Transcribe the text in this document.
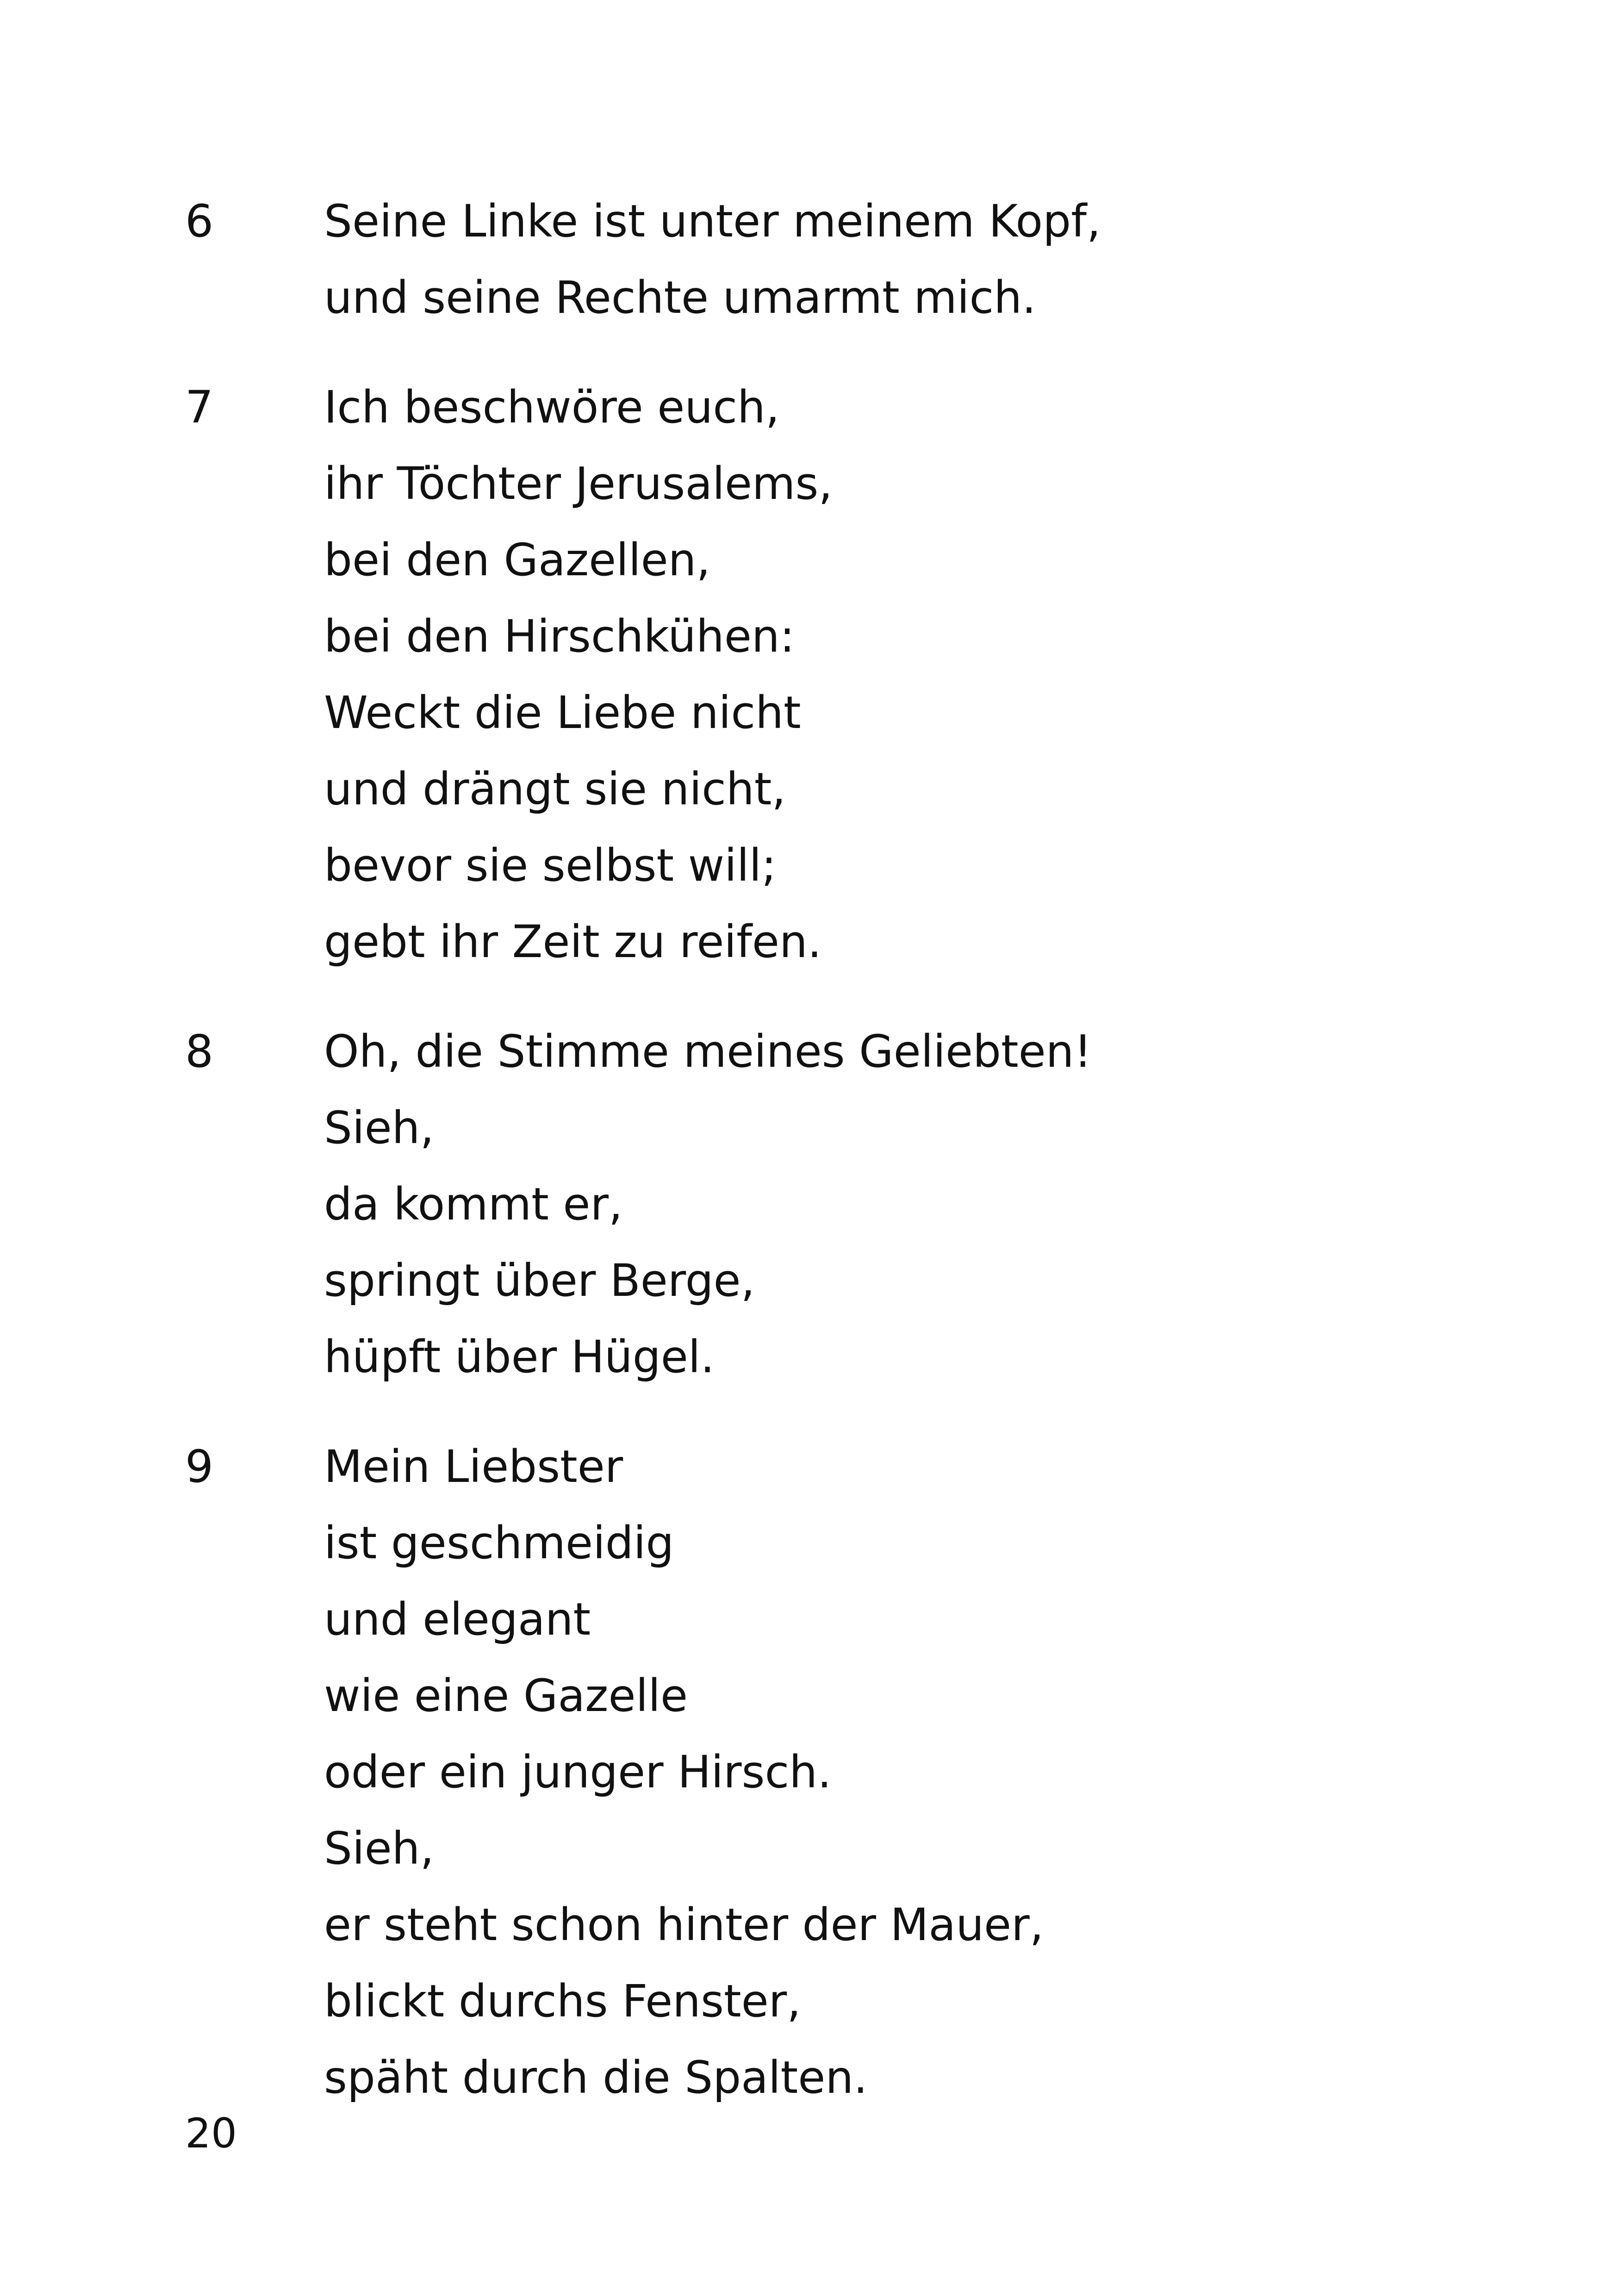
6	Seine Linke ist unter meinem Kopf,
und seine Rechte umarmt mich.
7	Ich beschwöre euch,
ihr Töchter Jerusalems,
bei den Gazellen,
bei den Hirschkühen:
Weckt die Liebe nicht
und drängt sie nicht,
bevor sie selbst will;
gebt ihr Zeit zu reifen.
8	Oh, die Stimme meines Geliebten!
Sieh,
da kommt er,
springt über Berge,
hüpft über Hügel.
9	Mein Liebster
ist geschmeidig
und elegant
wie eine Gazelle
oder ein junger Hirsch.
Sieh,
er steht schon hinter der Mauer,
blickt durchs Fenster,
späht durch die Spalten.
20
